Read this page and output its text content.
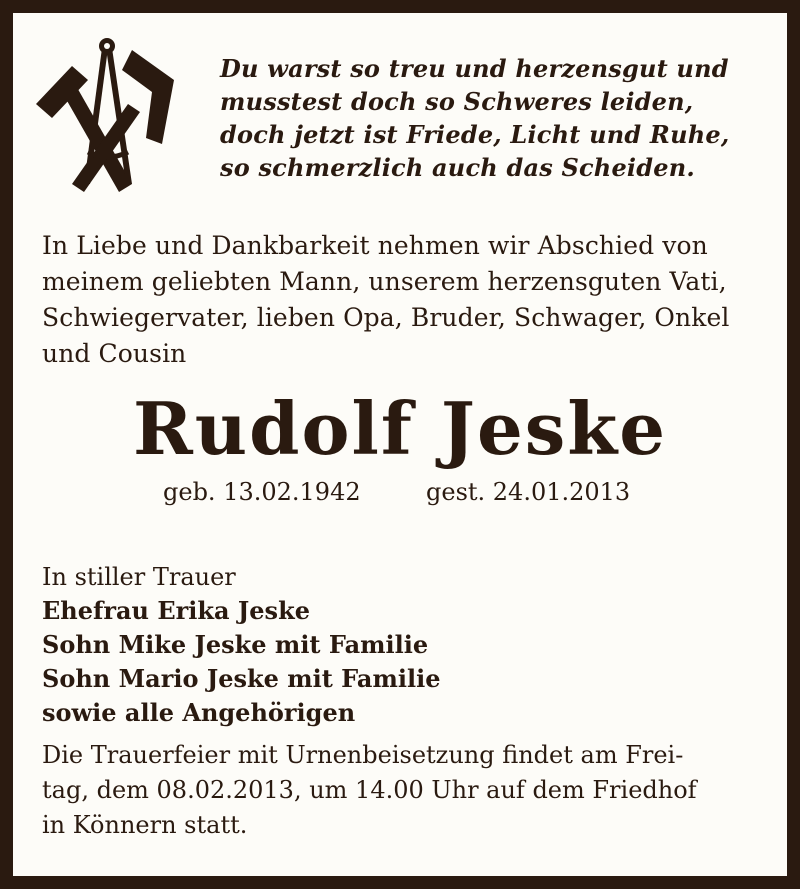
Du warst so treu und herzensgut und
musstest doch so Schweres leiden,
doch jetzt ist Friede, Licht und Ruhe,
so schmerzlich auch das Scheiden.
In Liebe und Dankbarkeit nehmen wir Abschied von
meinem geliebten Mann, unserem herzensguten Vati,
Schwiegervater, lieben Opa, Bruder, Schwager, Onkel
und Cousin
Rudolf Jeske
geb. 13.02.1942	gest. 24.01.2013
In stiller Trauer
Ehefrau Erika Jeske
Sohn Mike Jeske mit Familie
Sohn Mario Jeske mit Familie
sowie alle Angehörigen
Die Trauerfeier mit Urnenbeisetzung findet am Frei-
tag, dem 08.02.2013, um 14.00 Uhr auf dem Friedhof
in Könnern statt.
